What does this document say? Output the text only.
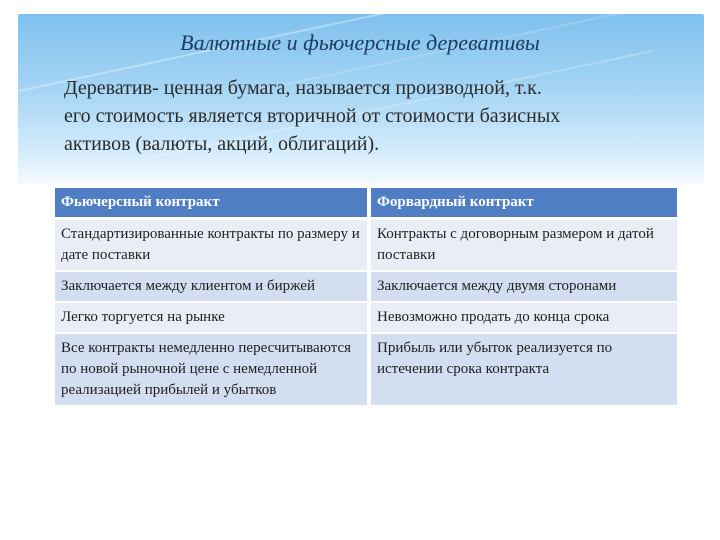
Валютные и фьючерсные дерeвативы
Дерeватив- ценная бумага, называется производной, т.к.
его стоимость является вторичной от стоимости базисных
активов (валюты, акций, облигаций).
Фьючерсный контракт	Форвардный контракт
Стандартизированные контракты по размеру и дате поставки	Контракты с договорным размером и датой поставки
Заключается между клиентом и биржей	Заключается между двумя сторонами
Легко торгуется на рынке	Невозможно продать до конца срока
Все контракты немедленно пересчитываются по новой рыночной цене с немедленной реализацией прибылей и убытков	Прибыль или убыток реализуется по истечении срока контракта
